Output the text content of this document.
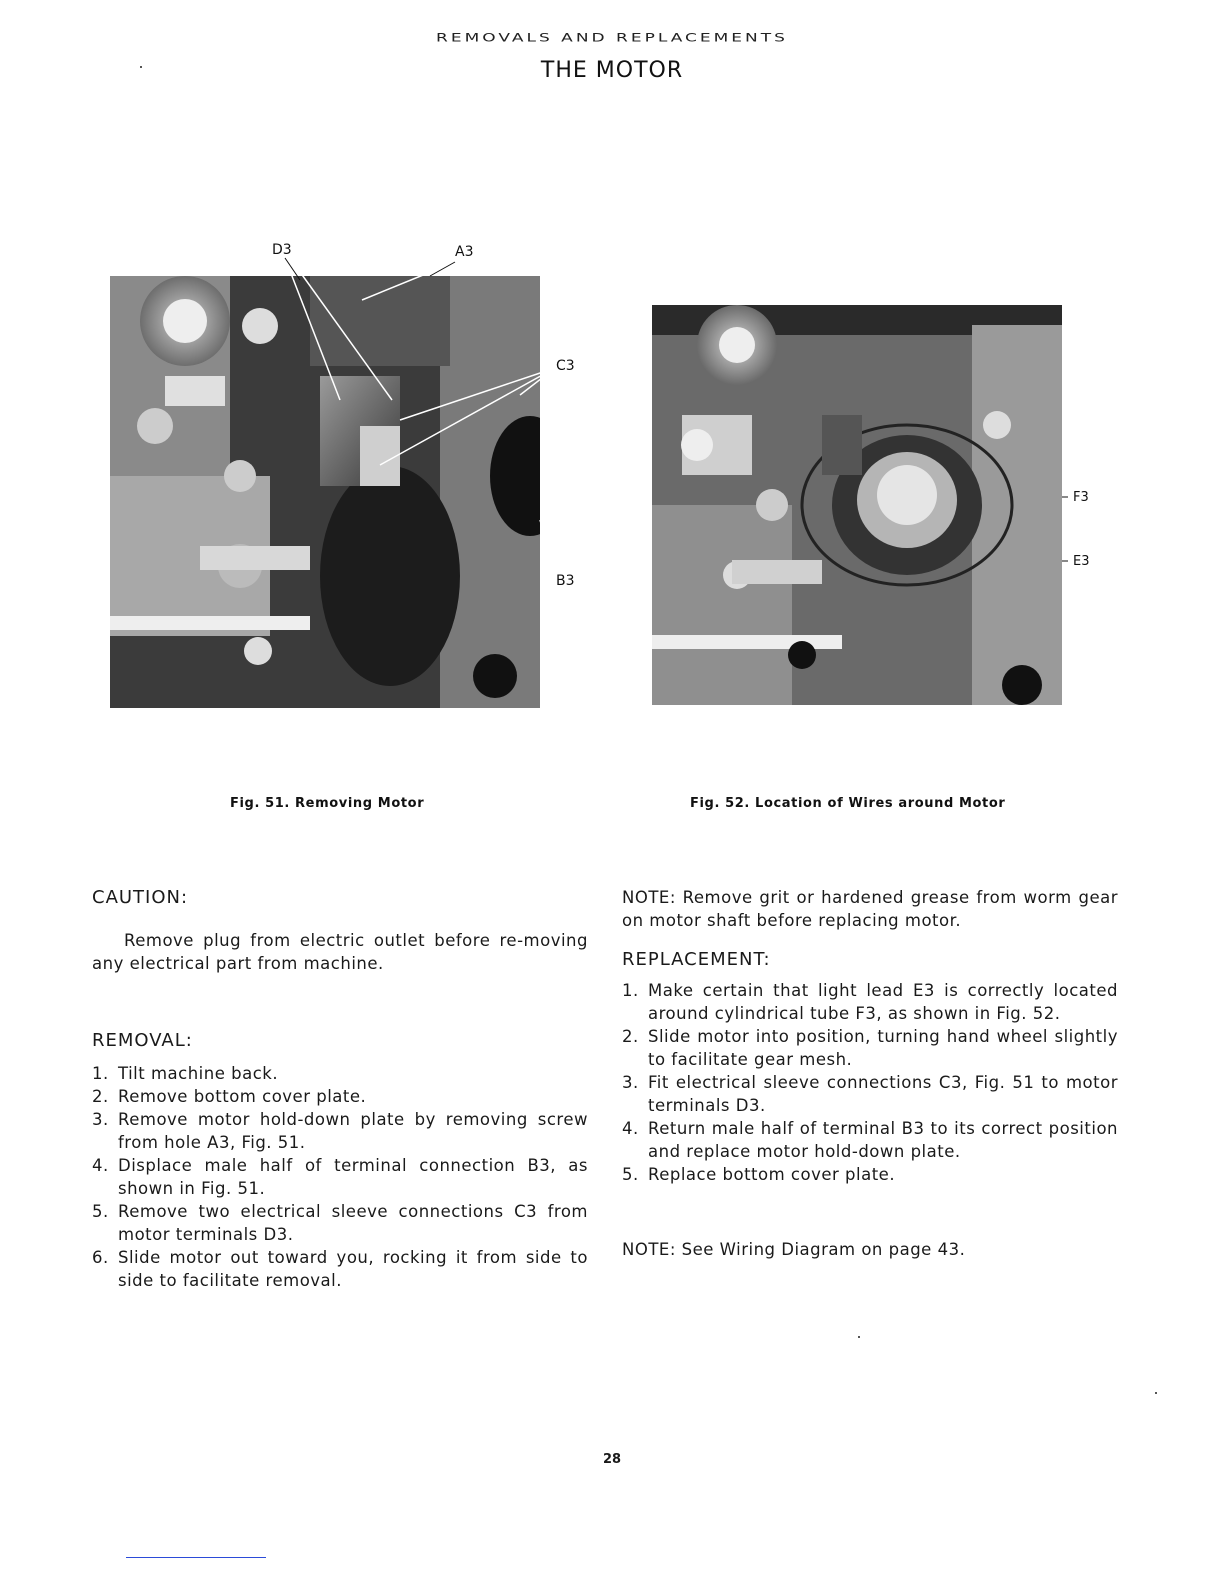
REMOVALS AND REPLACEMENTS
THE MOTOR
D3	A3
C3
B3
F3
E3
Fig. 51. Removing Motor	Fig. 52. Location of Wires around Motor

CAUTION:

Remove plug from electric outlet before re-moving any electrical part from machine.

REMOVAL:

1. Tilt machine back.
2. Remove bottom cover plate.
3. Remove motor hold-down plate by removing screw from hole A3, Fig. 51.
4. Displace male half of terminal connection B3, as shown in Fig. 51.
5. Remove two electrical sleeve connections C3 from motor terminals D3.
6. Slide motor out toward you, rocking it from side to side to facilitate removal.

NOTE: Remove grit or hardened grease from worm gear on motor shaft before replacing motor.

REPLACEMENT:

1. Make certain that light lead E3 is correctly located around cylindrical tube F3, as shown in Fig. 52.
2. Slide motor into position, turning hand wheel slightly to facilitate gear mesh.
3. Fit electrical sleeve connections C3, Fig. 51 to motor terminals D3.
4. Return male half of terminal B3 to its correct position and replace motor hold-down plate.
5. Replace bottom cover plate.

NOTE: See Wiring Diagram on page 43.

28
